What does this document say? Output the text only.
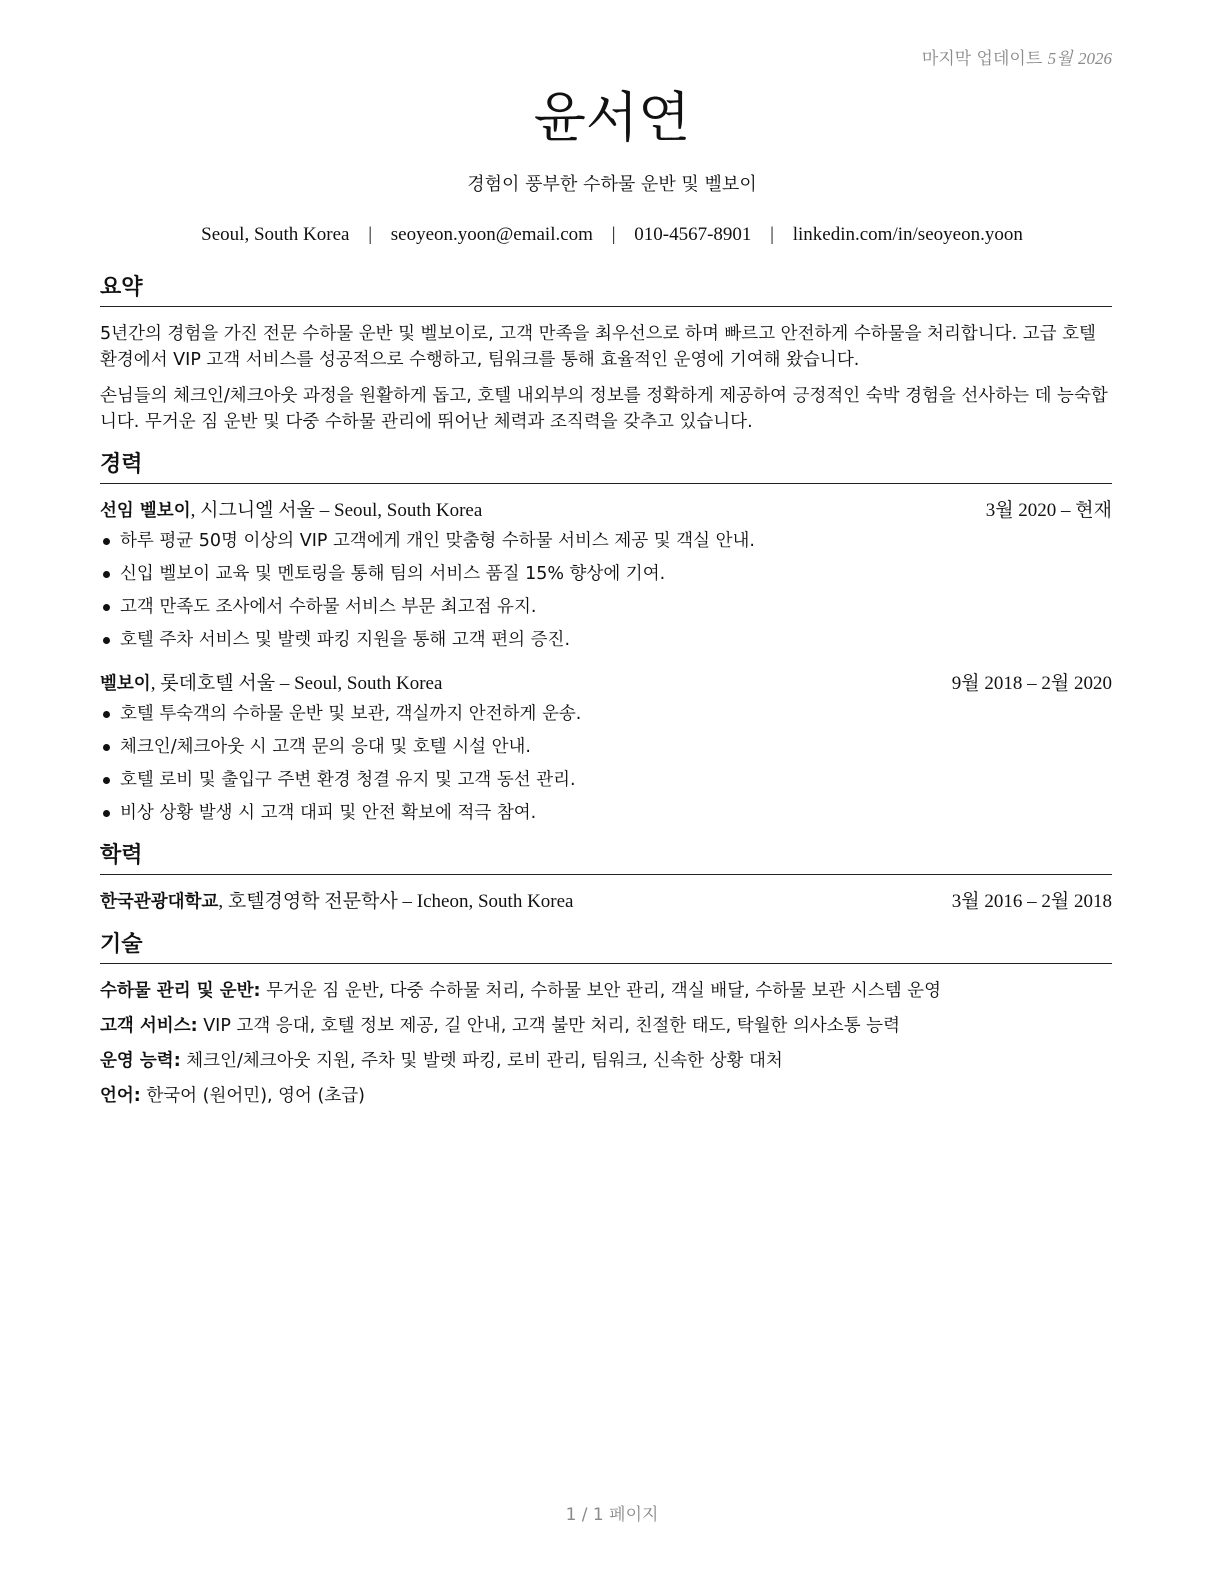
마지막 업데이트 5월 2026
윤서연
경험이 풍부한 수하물 운반 및 벨보이
Seoul, South Korea | seoyeon.yoon@email.com | 010-4567-8901 | linkedin.com/in/seoyeon.yoon
요약

5년간의 경험을 가진 전문 수하물 운반 및 벨보이로, 고객 만족을 최우선으로 하며 빠르고 안전하게 수하물을 처리합니다. 고급 호텔 환경에서 VIP 고객 서비스를 성공적으로 수행하고, 팀워크를 통해 효율적인 운영에 기여해 왔습니다.

손님들의 체크인/체크아웃 과정을 원활하게 돕고, 호텔 내외부의 정보를 정확하게 제공하여 긍정적인 숙박 경험을 선사하는 데 능숙합니다. 무거운 짐 운반 및 다중 수하물 관리에 뛰어난 체력과 조직력을 갖추고 있습니다.

경력
선임 벨보이, 시그니엘 서울 – Seoul, South Korea	3월 2020 – 현재
하루 평균 50명 이상의 VIP 고객에게 개인 맞춤형 수하물 서비스 제공 및 객실 안내.
신입 벨보이 교육 및 멘토링을 통해 팀의 서비스 품질 15% 향상에 기여.
고객 만족도 조사에서 수하물 서비스 부문 최고점 유지.
호텔 주차 서비스 및 발렛 파킹 지원을 통해 고객 편의 증진.
벨보이, 롯데호텔 서울 – Seoul, South Korea	9월 2018 – 2월 2020
호텔 투숙객의 수하물 운반 및 보관, 객실까지 안전하게 운송.
체크인/체크아웃 시 고객 문의 응대 및 호텔 시설 안내.
호텔 로비 및 출입구 주변 환경 청결 유지 및 고객 동선 관리.
비상 상황 발생 시 고객 대피 및 안전 확보에 적극 참여.
학력
한국관광대학교, 호텔경영학 전문학사 – Icheon, South Korea	3월 2016 – 2월 2018
기술

수하물 관리 및 운반: 무거운 짐 운반, 다중 수하물 처리, 수하물 보안 관리, 객실 배달, 수하물 보관 시스템 운영

고객 서비스: VIP 고객 응대, 호텔 정보 제공, 길 안내, 고객 불만 처리, 친절한 태도, 탁월한 의사소통 능력

운영 능력: 체크인/체크아웃 지원, 주차 및 발렛 파킹, 로비 관리, 팀워크, 신속한 상황 대처

언어: 한국어 (원어민), 영어 (초급)

1 / 1 페이지
